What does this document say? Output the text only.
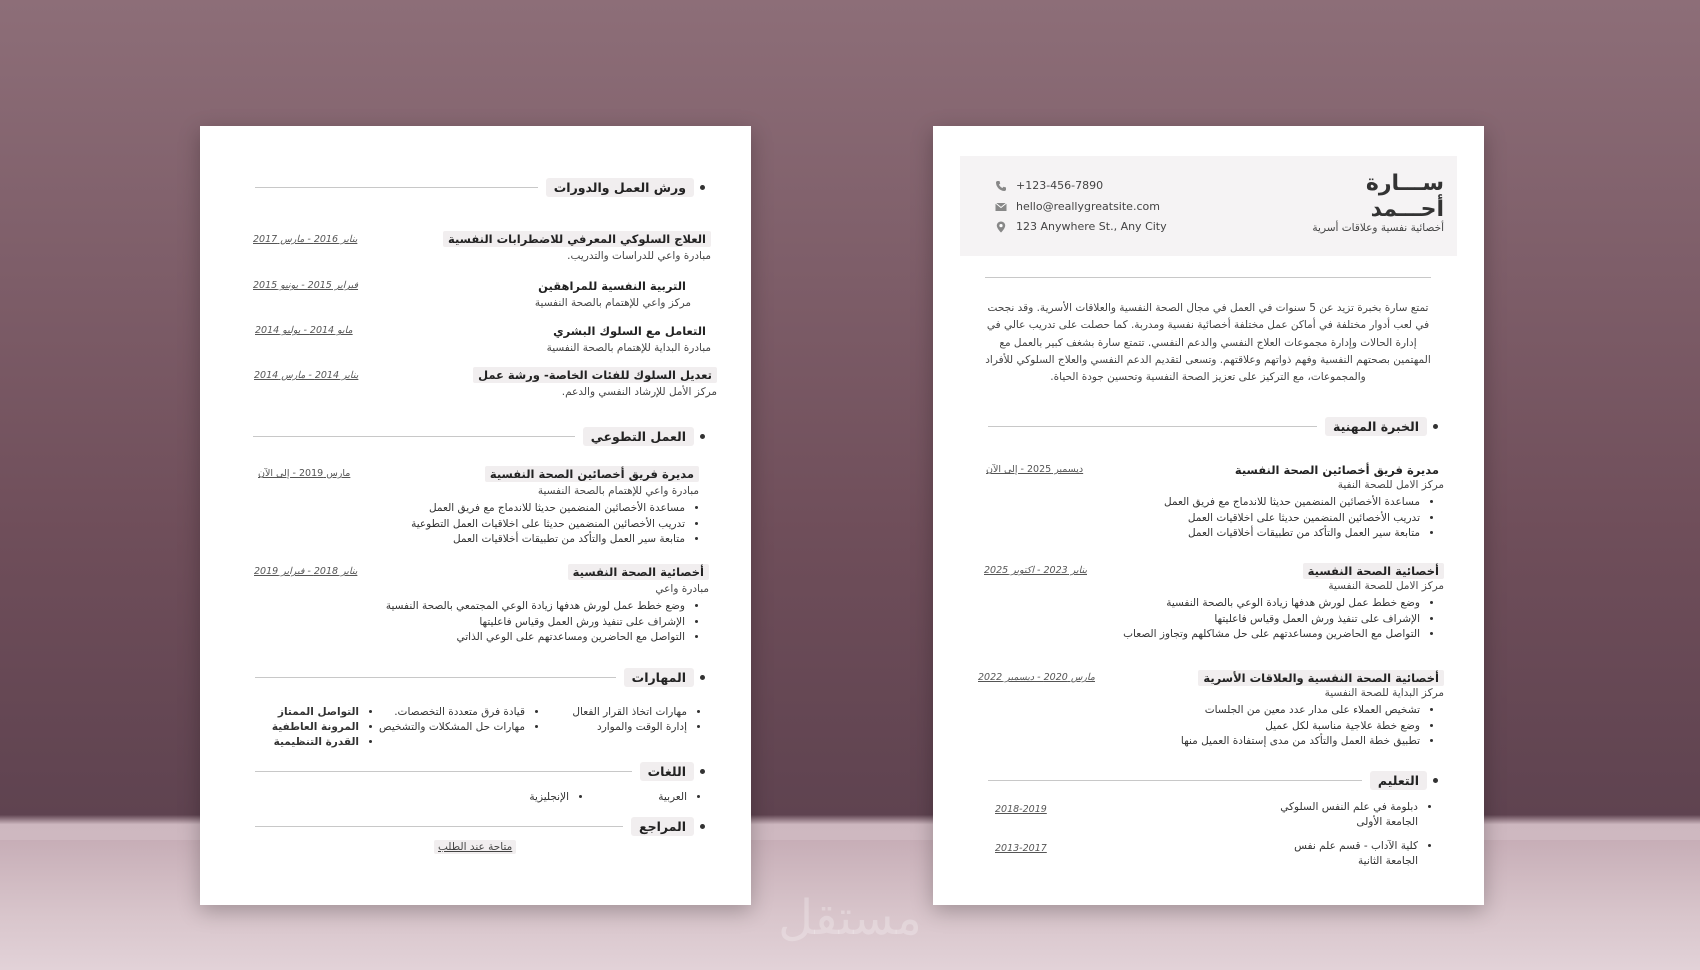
ورش العمل والدورات
العلاج السلوكي المعرفي للاضطرابات النفسية
مبادرة واعي للدراسات والتدريب.
يناير 2016 - مارس 2017
التربية النفسية للمراهقين
مركز واعي للإهتمام بالصحة النفسية
فبراير 2015 - يونيو 2015
التعامل مع السلوك البشري
مبادرة البداية للإهتمام بالصحة النفسية
مايو 2014 - يوليو 2014
تعديل السلوك للفئات الخاصة- ورشة عمل
مركز الأمل للإرشاد النفسي والدعم.
يناير 2014 - مارس 2014
العمل التطوعي
مديرة فريق أخصائين الصحة النفسية
مبادرة واعي للإهتمام بالصحة النفسية
• مساعدة الأخصائين المنضمين حديثا للاندماج مع فريق العمل
• تدريب الأخصائين المنضمين حديثا على اخلاقيات العمل التطوعية
• متابعة سير العمل والتأكد من تطبيقات أخلاقيات العمل
مارس 2019 - إلى الآن
أخصائية الصحة النفسية
مبادرة واعي
• وضع خطط عمل لورش هدفها زيادة الوعي المجتمعي بالصحة النفسية
• الإشراف على تنفيذ ورش العمل وقياس فاعليتها
• التواصل مع الحاضرين ومساعدتهم على الوعي الذاتي
يناير 2018 - فبراير 2019
المهارات
• مهارات اتخاذ القرار الفعال
• إدارة الوقت والموارد
• قيادة فرق متعددة التخصصات.
• مهارات حل المشكلات والتشخيص
• التواصل الممتاز
• المرونة العاطفية
• القدرة التنظيمية
اللغات
• العربية
• الإنجليزية
المراجع
متاحة عند الطلب
ســـارة
أحـــمد
أخصائية نفسية وعلاقات أسرية
+123-456-7890
hello@reallygreatsite.com
123 Anywhere St., Any City
تمتع سارة بخبرة تزيد عن 5 سنوات في العمل في مجال الصحة النفسية والعلاقات الأسرية. وقد نجحت في لعب أدوار مختلفة في أماكن عمل مختلفة أخصائية نفسية ومدربة. كما حصلت على تدريب عالي في إدارة الحالات وإدارة مجموعات العلاج النفسي والدعم النفسي. تتمتع سارة بشغف كبير بالعمل مع المهتمين بصحتهم النفسية وفهم ذواتهم وعلاقتهم. وتسعى لتقديم الدعم النفسي والعلاج السلوكي للأفراد والمجموعات، مع التركيز على تعزيز الصحة النفسية وتحسين جودة الحياة.
الخبرة المهنية
مديرة فريق أخصائين الصحة النفسية
مركز الامل للصحة النفية
• مساعدة الأخصائين المنضمين حديثا للاندماج مع فريق العمل
• تدريب الأخصائين المنضمين حديثا على اخلاقيات العمل
• متابعة سير العمل والتأكد من تطبيقات أخلاقيات العمل
ديسمبر 2025 - إلى الآن
أخصائية الصحة النفسية
مركز الامل للصحة النفسية
• وضع خطط عمل لورش هدفها زيادة الوعي بالصحة النفسية
• الإشراف على تنفيذ ورش العمل وقياس فاعليتها
• التواصل مع الحاضرين ومساعدتهم على حل مشاكلهم وتجاوز الصعاب
يناير 2023 - اكتوبر 2025
أخصائية الصحة النفسية والعلاقات الأسرية
مركز البداية للصحة النفسية
• تشخيص العملاء على مدار عدد معين من الجلسات
• وضع خطة علاجية مناسبة لكل عميل
• تطبيق خطة العمل والتأكد من مدى إستفادة العميل منها
مارس 2020 - ديسمبر 2022
التعليم
• دبلومة في علم النفس السلوكي
الجامعة الأولى
2018-2019
• كلية الآداب - قسم علم نفس
الجامعة الثانية
2013-2017
مستقل
